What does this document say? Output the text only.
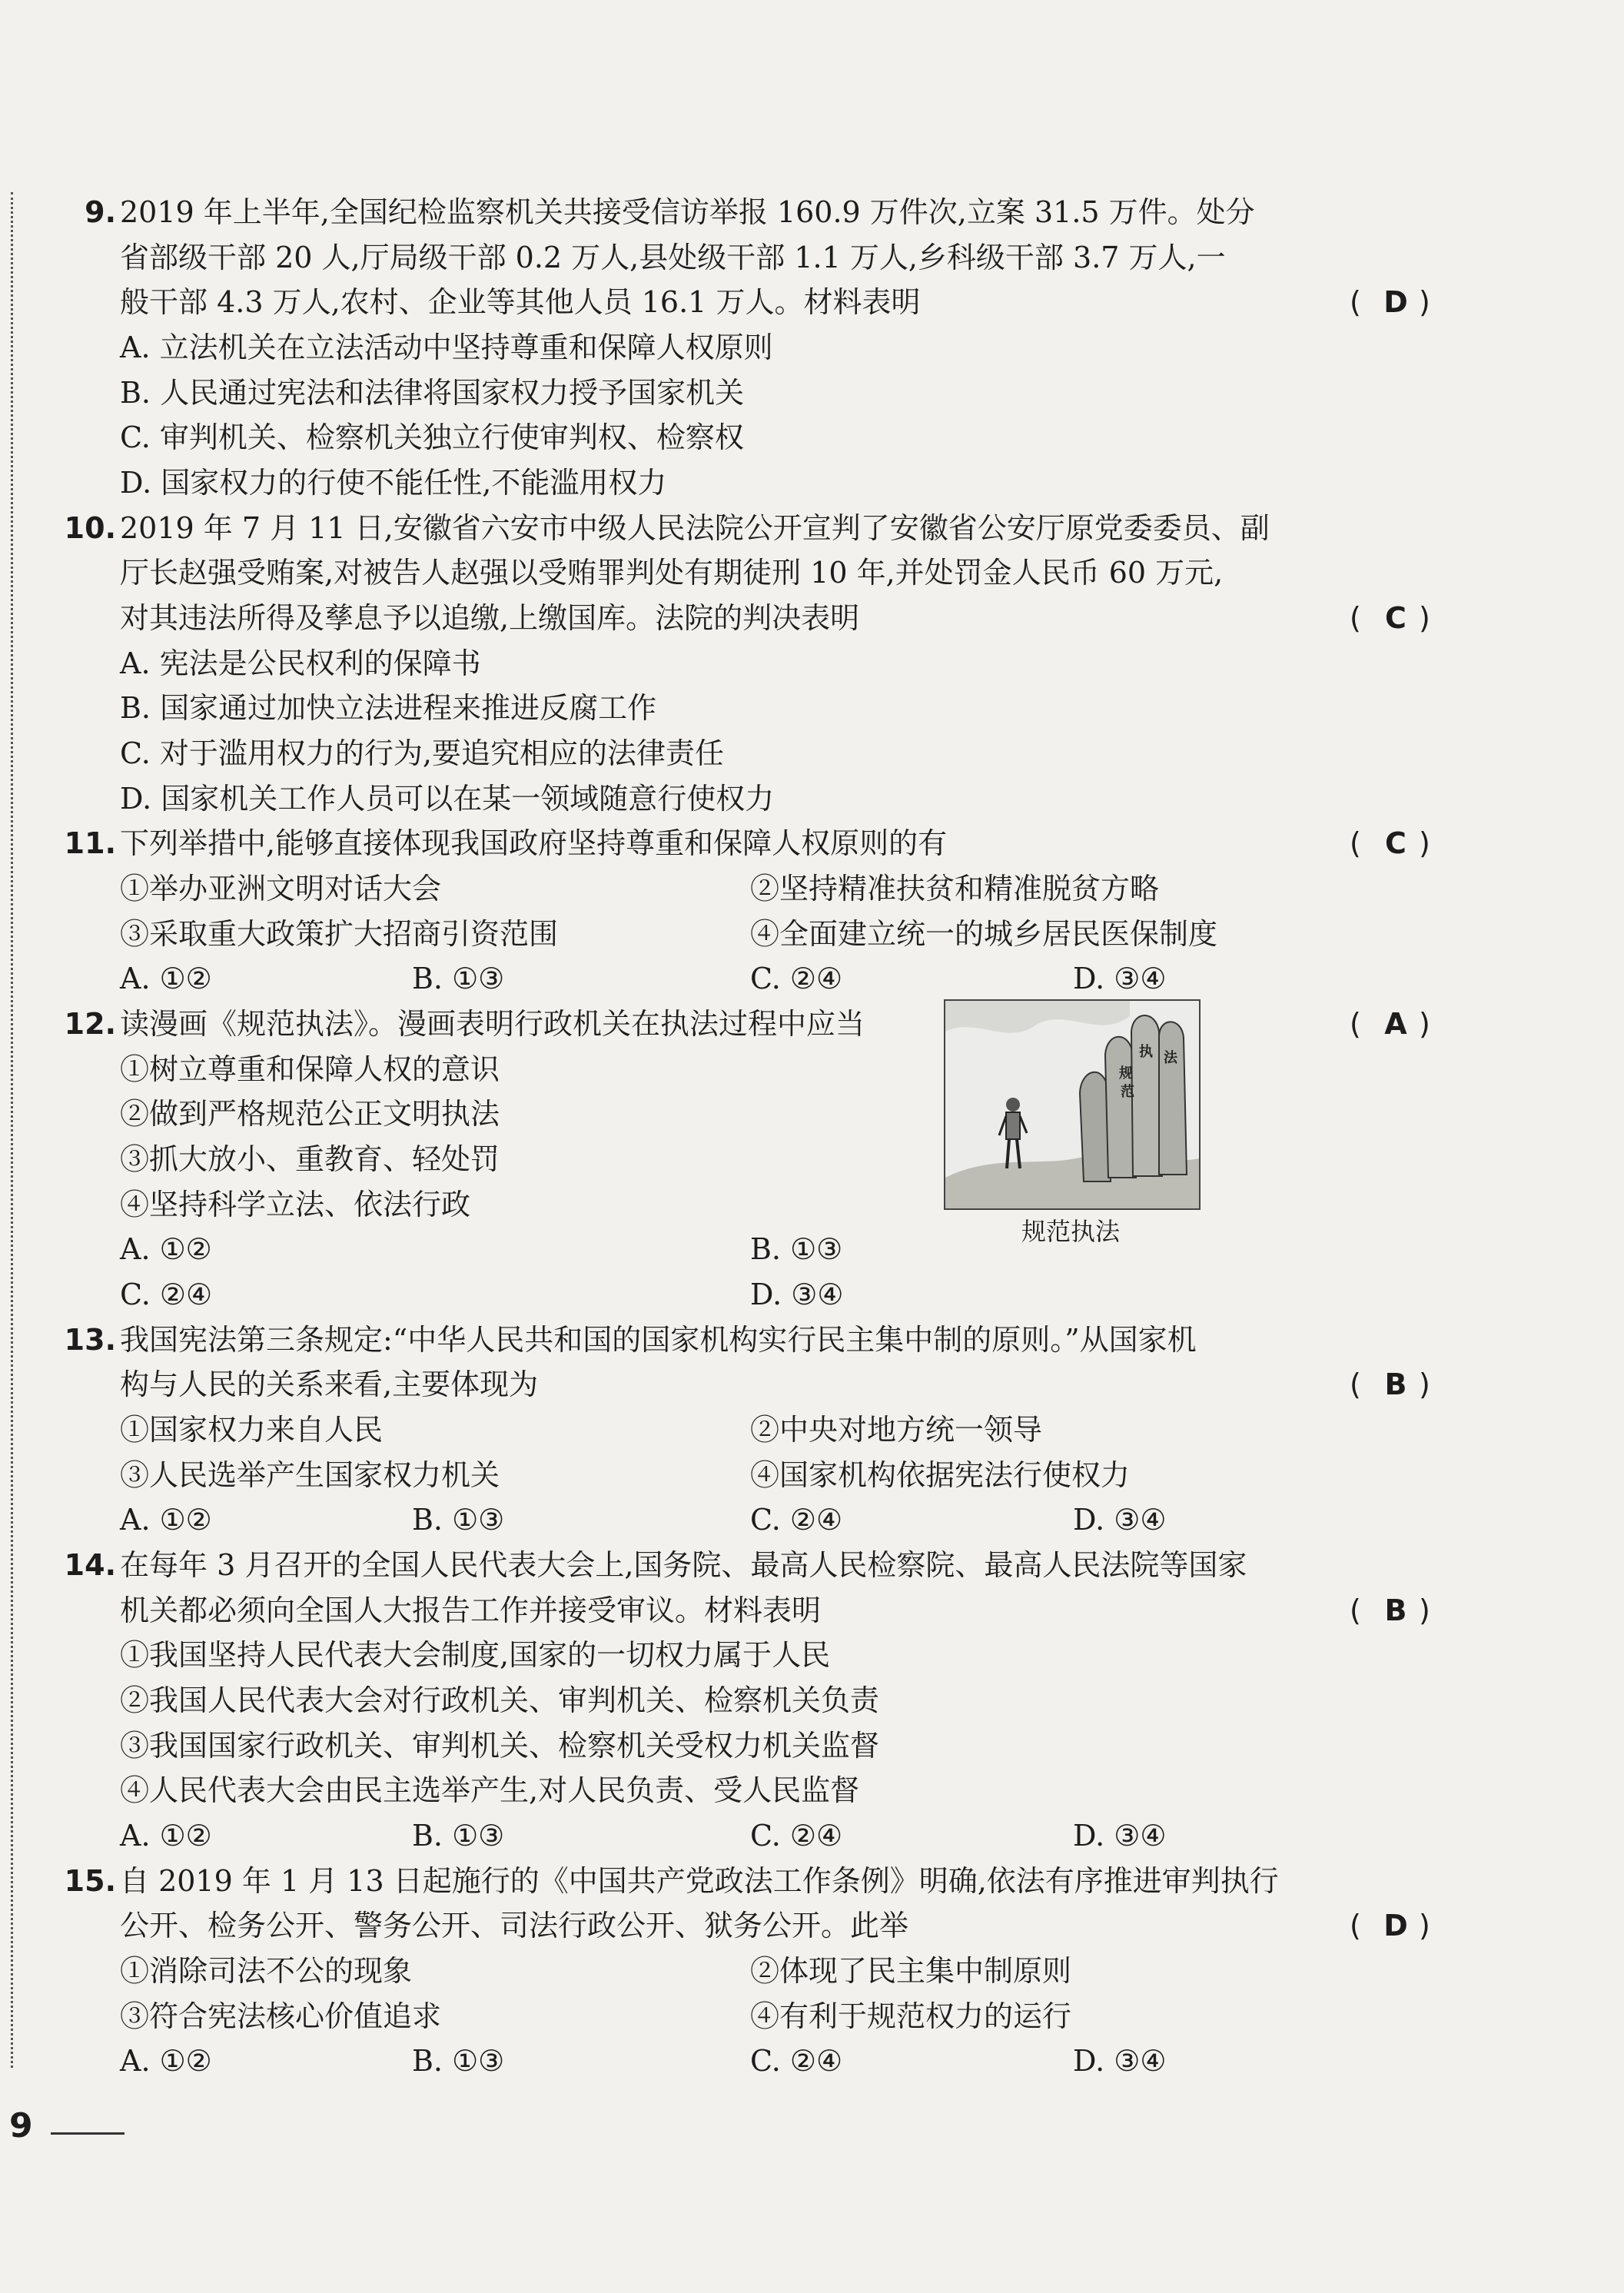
9 . 2019 年上半年,全国纪检监察机关共接受信访举报 160.9 万件次,立案 31.5 万件。处分
省部级干部 20 人,厅局级干部 0.2 万人,县处级干部 1.1 万人,乡科级干部 3.7 万人,一
般干部 4.3 万人,农村、企业等其他人员 16.1 万人。材料表明	( D )
A. 立法机关在立法活动中坚持尊重和保障人权原则
B. 人民通过宪法和法律将国家权力授予国家机关
C. 审判机关、检察机关独立行使审判权、检察权
D. 国家权力的行使不能任性,不能滥用权力
10 . 2019 年 7 月 11 日,安徽省六安市中级人民法院公开宣判了安徽省公安厅原党委委员、副
厅长赵强受贿案,对被告人赵强以受贿罪判处有期徒刑 10 年,并处罚金人民币 60 万元,
对其违法所得及孳息予以追缴,上缴国库。法院的判决表明	( C )
A. 宪法是公民权利的保障书
B. 国家通过加快立法进程来推进反腐工作
C. 对于滥用权力的行为,要追究相应的法律责任
D. 国家机关工作人员可以在某一领域随意行使权力
11 . 下列举措中,能够直接体现我国政府坚持尊重和保障人权原则的有	( C )
①举办亚洲文明对话大会	②坚持精准扶贫和精准脱贫方略
③采取重大政策扩大招商引资范围	④全面建立统一的城乡居民医保制度
A. ①②	B. ①③	C. ②④	D. ③④
12 . 读漫画《规范执法》。漫画表明行政机关在执法过程中应当	( A )
①树立尊重和保障人权的意识
②做到严格规范公正文明执法
③抓大放小、重教育、轻处罚
④坚持科学立法、依法行政
A. ①②	B. ①③
C. ②④	D. ③④
规
范
执 法
规范执法
13 . 我国宪法第三条规定:“中华人民共和国的国家机构实行民主集中制的原则。”从国家机
构与人民的关系来看,主要体现为	( B )
①国家权力来自人民	②中央对地方统一领导
③人民选举产生国家权力机关	④国家机构依据宪法行使权力
A. ①②	B. ①③	C. ②④	D. ③④
14 . 在每年 3 月召开的全国人民代表大会上,国务院、最高人民检察院、最高人民法院等国家
机关都必须向全国人大报告工作并接受审议。材料表明	( B )
①我国坚持人民代表大会制度,国家的一切权力属于人民
②我国人民代表大会对行政机关、审判机关、检察机关负责
③我国国家行政机关、审判机关、检察机关受权力机关监督
④人民代表大会由民主选举产生,对人民负责、受人民监督
A. ①②	B. ①③	C. ②④	D. ③④
15 . 自 2019 年 1 月 13 日起施行的《中国共产党政法工作条例》明确,依法有序推进审判执行
公开、检务公开、警务公开、司法行政公开、狱务公开。此举	( D )
①消除司法不公的现象	②体现了民主集中制原则
③符合宪法核心价值追求	④有利于规范权力的运行
A. ①②	B. ①③	C. ②④	D. ③④
9
